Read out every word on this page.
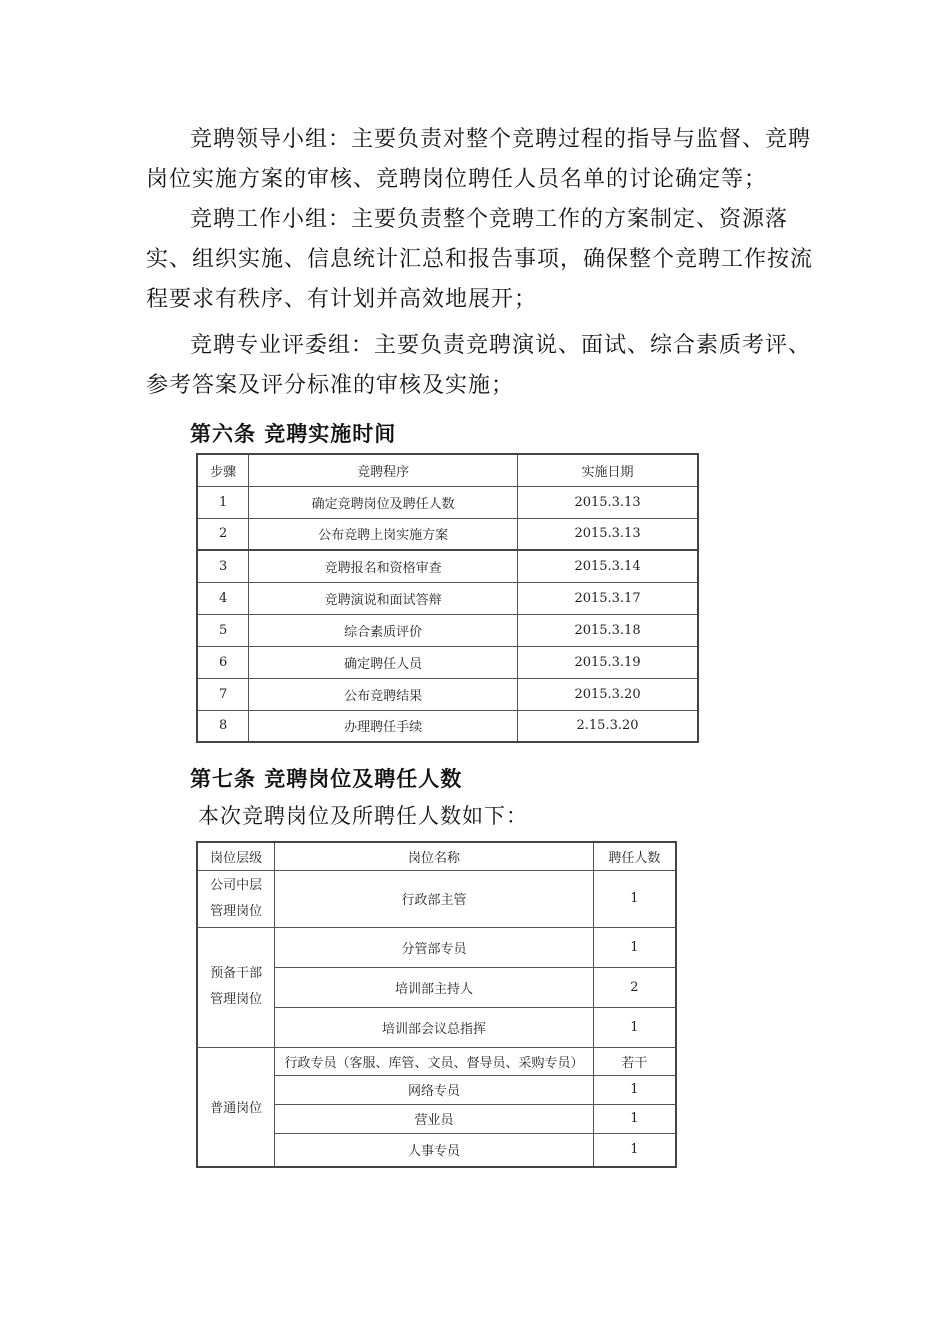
竞聘领导小组：主要负责对整个竞聘过程的指导与监督、竞聘岗位实施方案的审核、竞聘岗位聘任人员名单的讨论确定等；

竞聘工作小组：主要负责整个竞聘工作的方案制定、资源落实、组织实施、信息统计汇总和报告事项，确保整个竞聘工作按流程要求有秩序、有计划并高效地展开；

竞聘专业评委组：主要负责竞聘演说、面试、综合素质考评、参考答案及评分标准的审核及实施；

第六条 竞聘实施时间
步骤	竞聘程序	实施日期
1	确定竞聘岗位及聘任人数	2015.3.13
2	公布竞聘上岗实施方案	2015.3.13
3	竞聘报名和资格审查	2015.3.14
4	竞聘演说和面试答辩	2015.3.17
5	综合素质评价	2015.3.18
6	确定聘任人员	2015.3.19
7	公布竞聘结果	2015.3.20
8	办理聘任手续	2.15.3.20
第七条 竞聘岗位及聘任人数

本次竞聘岗位及所聘任人数如下：

岗位层级	岗位名称	聘任人数
公司中层
管理岗位	行政部主管	1
预备干部
管理岗位	分管部专员	1
	培训部主持人	2
	培训部会议总指挥	1
普通岗位	行政专员（客服、库管、文员、督导员、采购专员）	若干
	网络专员	1
	营业员	1
	人事专员	1
